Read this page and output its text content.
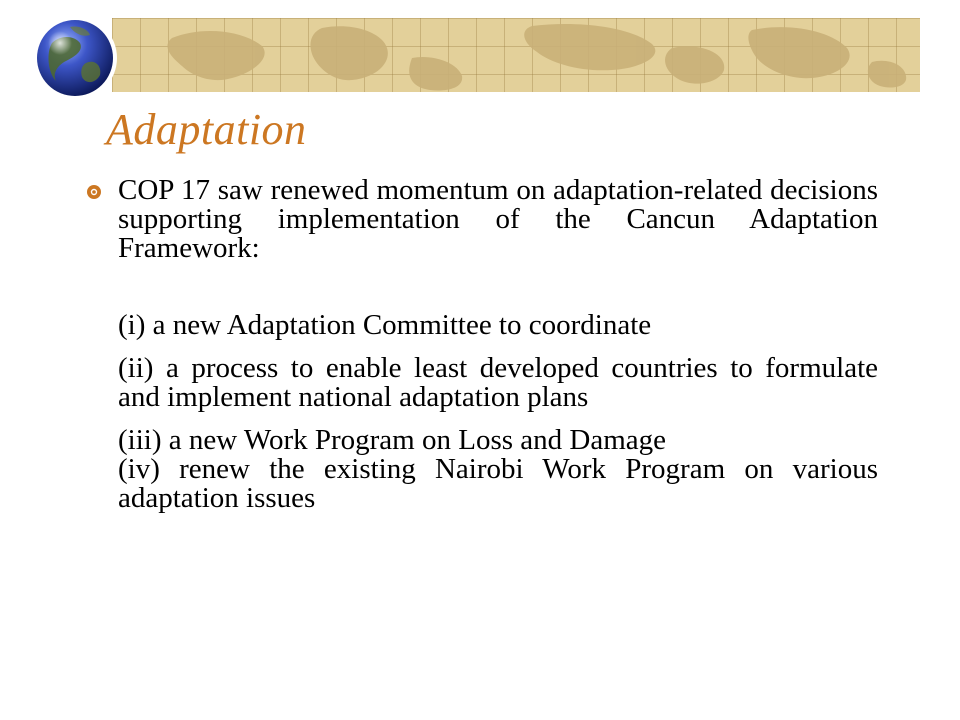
Adaptation

COP 17 saw renewed momentum on adaptation-related decisions supporting implementation of the Cancun Adaptation Framework:

(i) a new Adaptation Committee to coordinate

(ii) a process to enable least developed countries to formulate and implement national adaptation plans

(iii) a new Work Program on Loss and Damage

(iv) renew the existing Nairobi Work Program on various adaptation issues
